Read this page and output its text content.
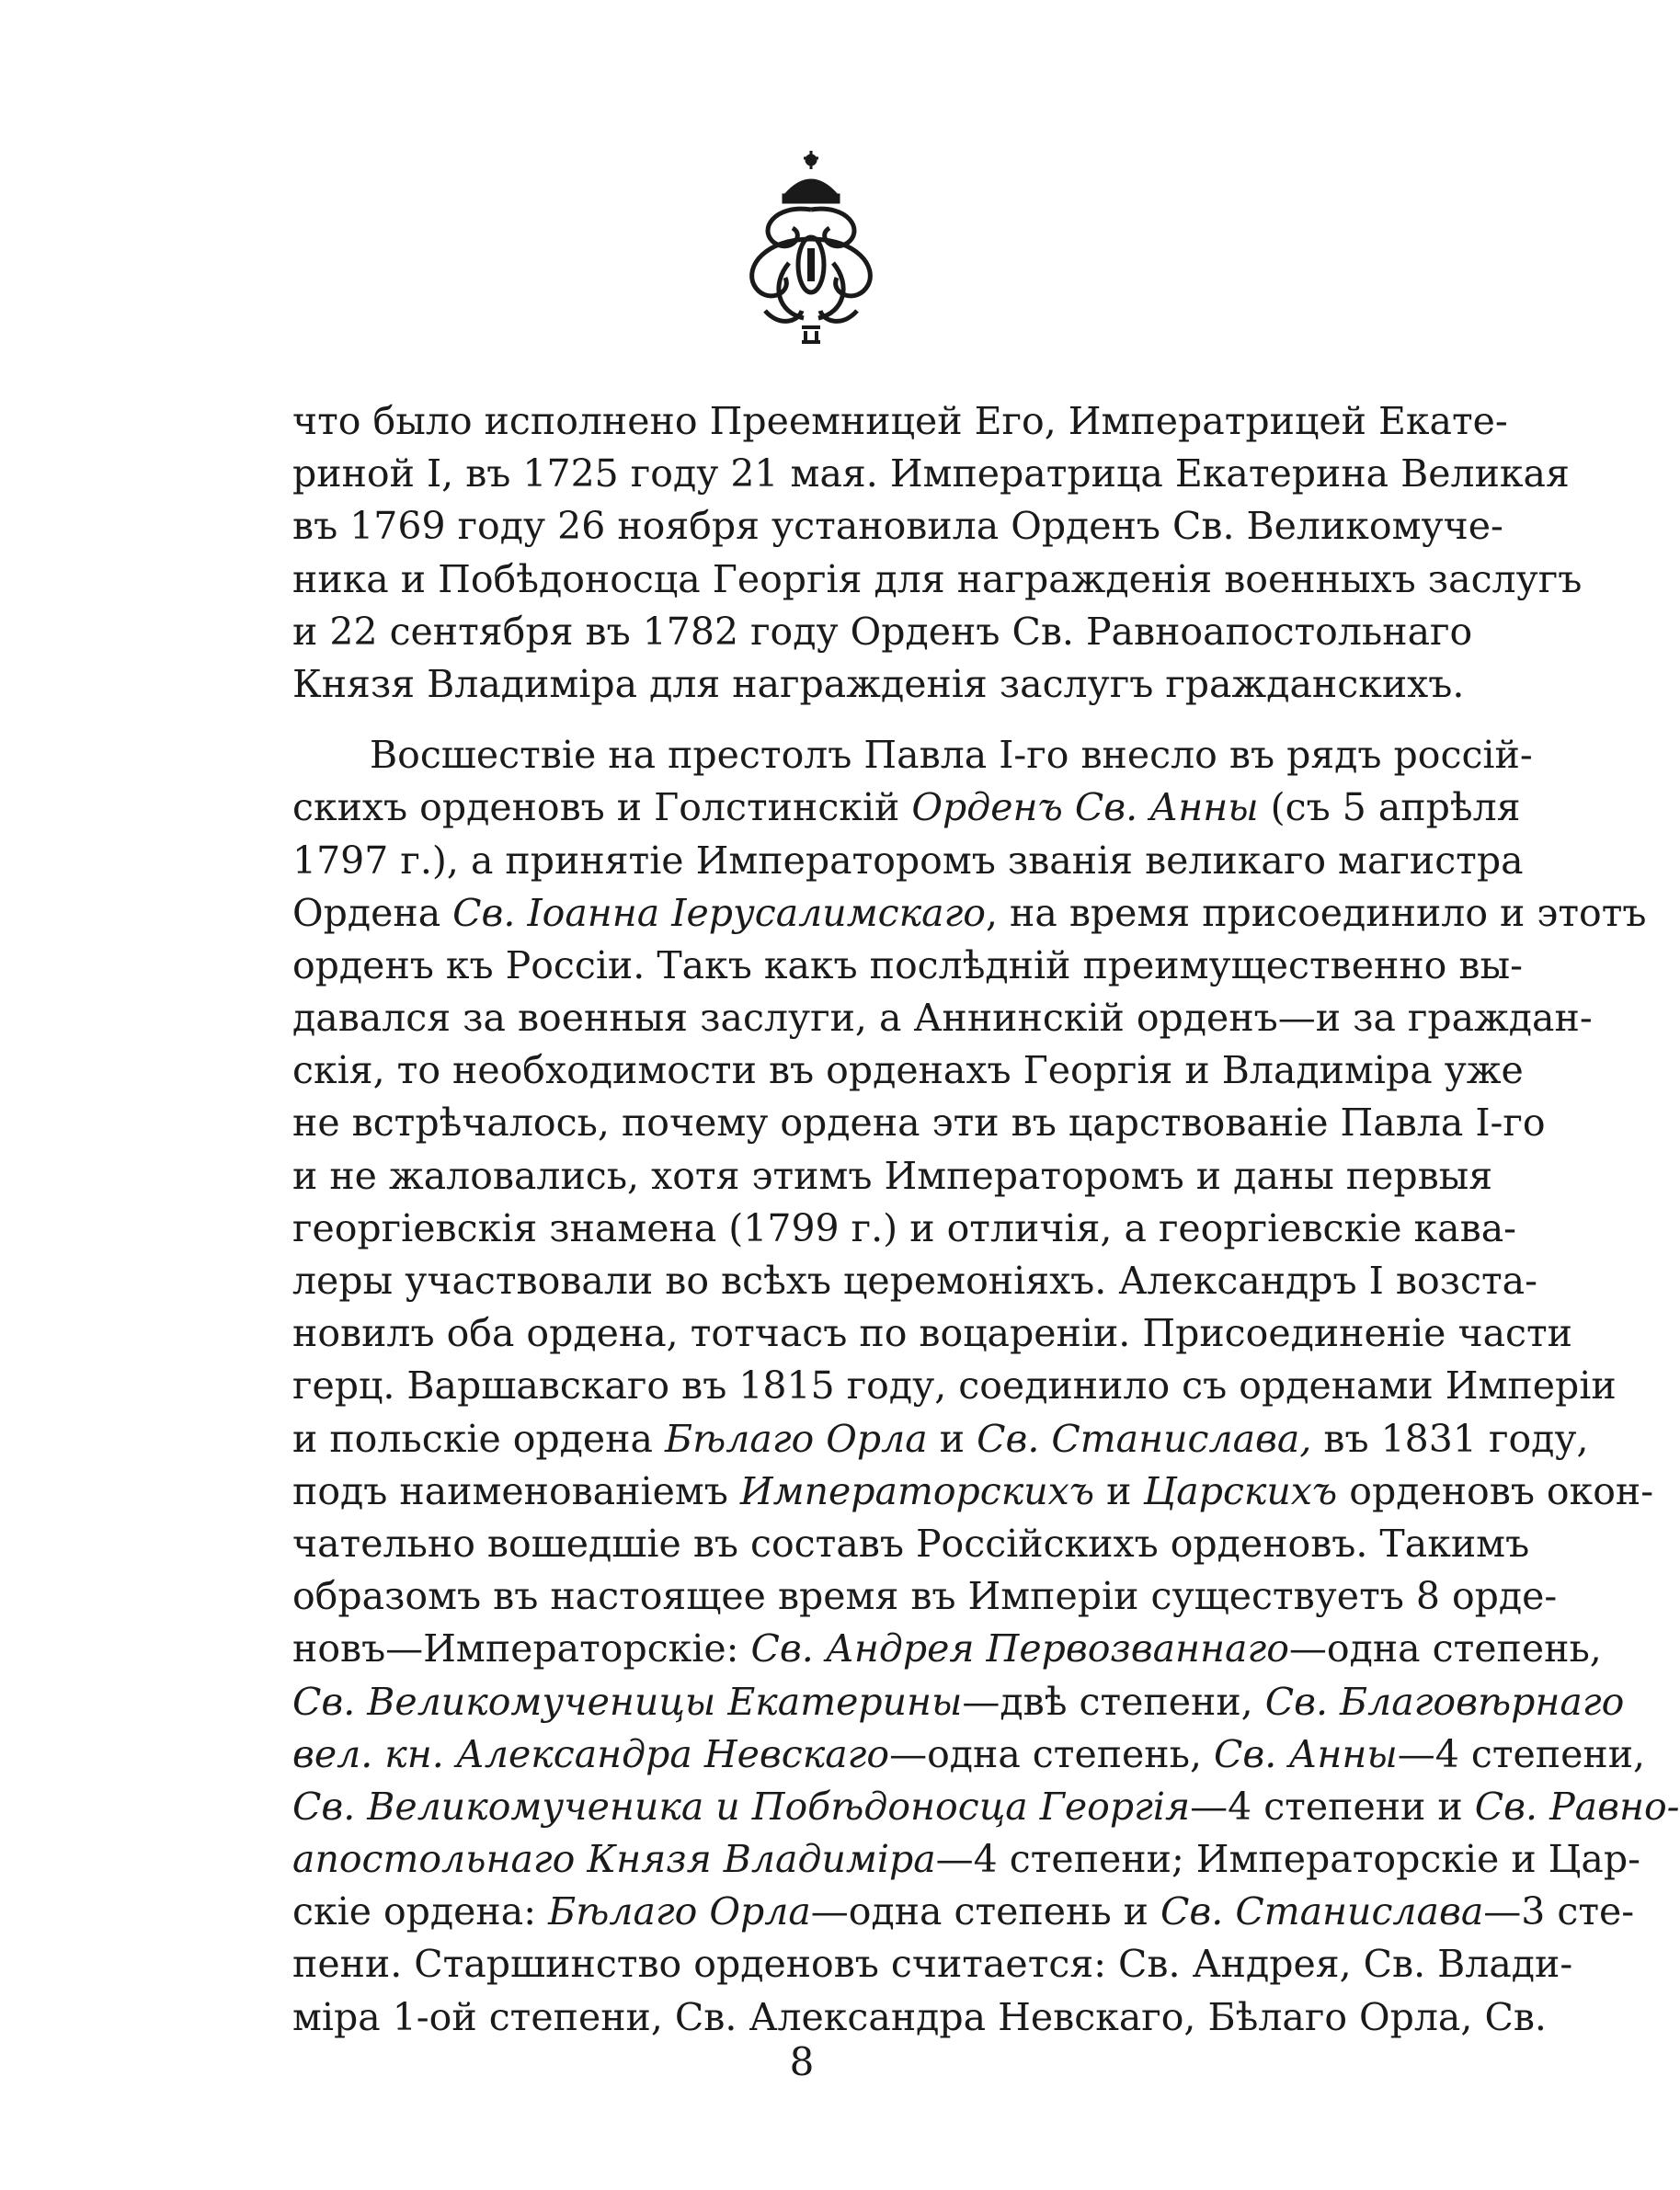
что было исполнено Преемницей Его, Императрицей Екате-
риной I, въ 1725 году 21 мая. Императрица Екатерина Великая
въ 1769 году 26 ноября установила Орденъ Св. Великомуче-
ника и Побѣдоносца Георгія для награжденія военныхъ заслугъ
и 22 сентября въ 1782 году Орденъ Св. Равноапостольнаго
Князя Владиміра для награжденія заслугъ гражданскихъ.
Восшествіе на престолъ Павла I-го внесло въ рядъ россій-
скихъ орденовъ и Голстинскій Орденъ Св. Анны (съ 5 апрѣля
1797 г.), а принятіе Императоромъ званія великаго магистра
Ордена Св. Іоанна Іерусалимскаго, на время присоединило и этотъ
орденъ къ Россіи. Такъ какъ послѣдній преимущественно вы-
давался за военныя заслуги, а Аннинскій орденъ—и за граждан-
скія, то необходимости въ орденахъ Георгія и Владиміра уже
не встрѣчалось, почему ордена эти въ царствованіе Павла I-го
и не жаловались, хотя этимъ Императоромъ и даны первыя
георгіевскія знамена (1799 г.) и отличія, а георгіевскіе кава-
леры участвовали во всѣхъ церемоніяхъ. Александръ I возста-
новилъ оба ордена, тотчасъ по воцареніи. Присоединеніе части
герц. Варшавскаго въ 1815 году, соединило съ орденами Имперіи
и польскіе ордена Бѣлаго Орла и Св. Станислава, въ 1831 году,
подъ наименованіемъ Императорскихъ и Царскихъ орденовъ окон-
чательно вошедшіе въ составъ Россійскихъ орденовъ. Такимъ
образомъ въ настоящее время въ Имперіи существуетъ 8 орде-
новъ—Императорскіе: Св. Андрея Первозваннаго—одна степень,
Св. Великомученицы Екатерины—двѣ степени, Св. Благовѣрнаго
вел. кн. Александра Невскаго—одна степень, Св. Анны—4 степени,
Св. Великомученика и Побѣдоносца Георгія—4 степени и Св. Равно-
апостольнаго Князя Владиміра—4 степени; Императорскіе и Цар-
скіе ордена: Бѣлаго Орла—одна степень и Св. Станислава—3 сте-
пени. Старшинство орденовъ считается: Св. Андрея, Св. Влади-
міра 1-ой степени, Св. Александра Невскаго, Бѣлаго Орла, Св.
8
